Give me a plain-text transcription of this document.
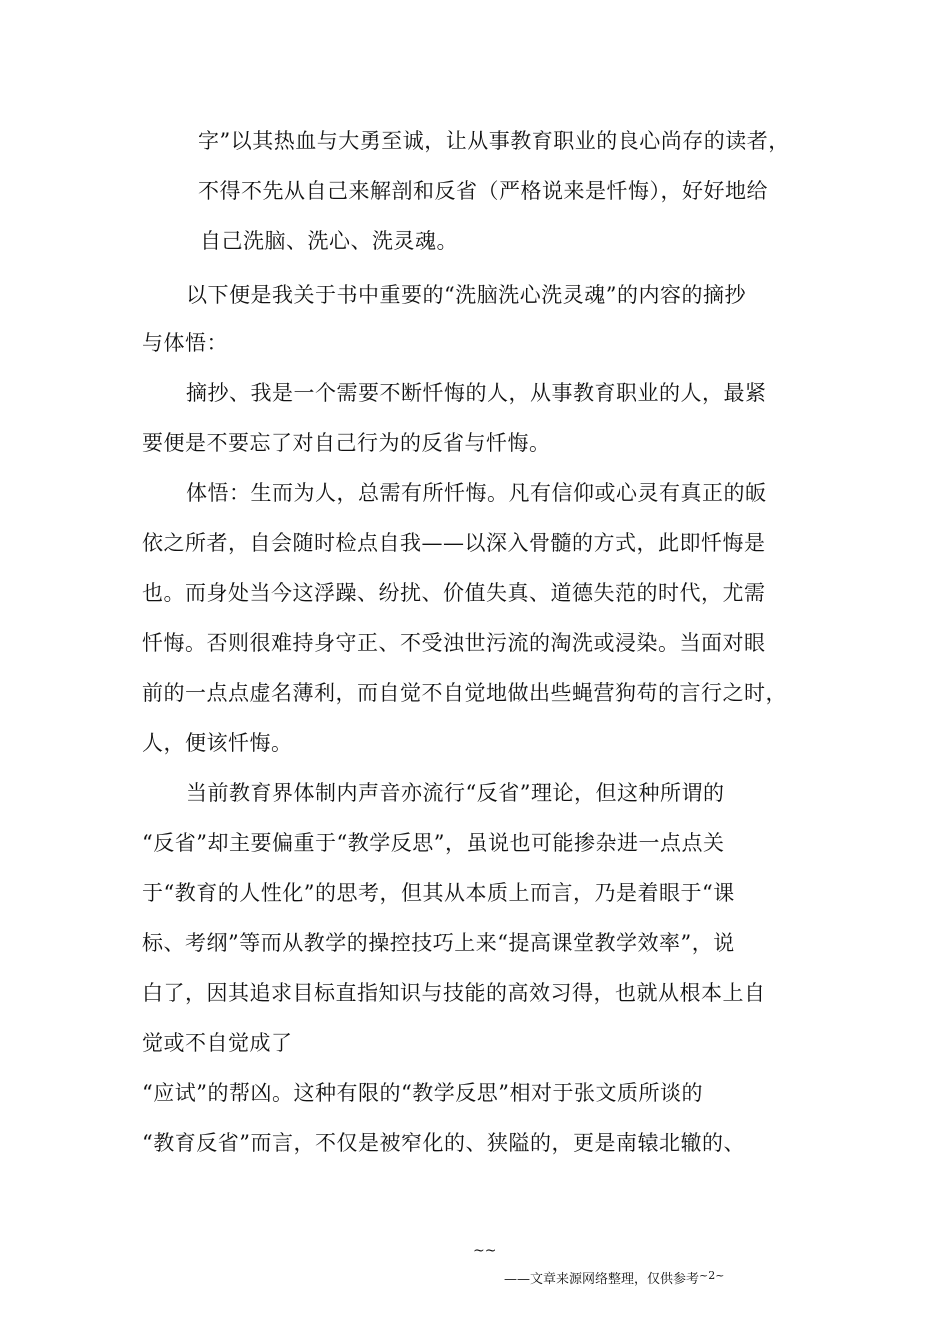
字”以其热血与大勇至诚，让从事教育职业的良心尚存的读者，
不得不先从自己来解剖和反省（严格说来是忏悔），好好地给
自己洗脑、洗心、洗灵魂。
以下便是我关于书中重要的“洗脑洗心洗灵魂”的内容的摘抄
与体悟：
摘抄、我是一个需要不断忏悔的人，从事教育职业的人，最紧
要便是不要忘了对自己行为的反省与忏悔。
体悟：生而为人，总需有所忏悔。凡有信仰或心灵有真正的皈
依之所者，自会随时检点自我——以深入骨髓的方式，此即忏悔是
也。而身处当今这浮躁、纷扰、价值失真、道德失范的时代，尤需
忏悔。否则很难持身守正、不受浊世污流的淘洗或浸染。当面对眼
前的一点点虚名薄利，而自觉不自觉地做出些蝇营狗苟的言行之时，
人，便该忏悔。
当前教育界体制内声音亦流行“反省”理论，但这种所谓的
“反省”却主要偏重于“教学反思”，虽说也可能掺杂进一点点关
于“教育的人性化”的思考，但其从本质上而言，乃是着眼于“课
标、考纲”等而从教学的操控技巧上来“提高课堂教学效率”，说
白了，因其追求目标直指知识与技能的高效习得，也就从根本上自
觉或不自觉成了
“应试”的帮凶。这种有限的“教学反思”相对于张文质所谈的
“教育反省”而言，不仅是被窄化的、狭隘的，更是南辕北辙的、
~~
——文章来源网络整理，仅供参考$^{\sim 2\sim}$
